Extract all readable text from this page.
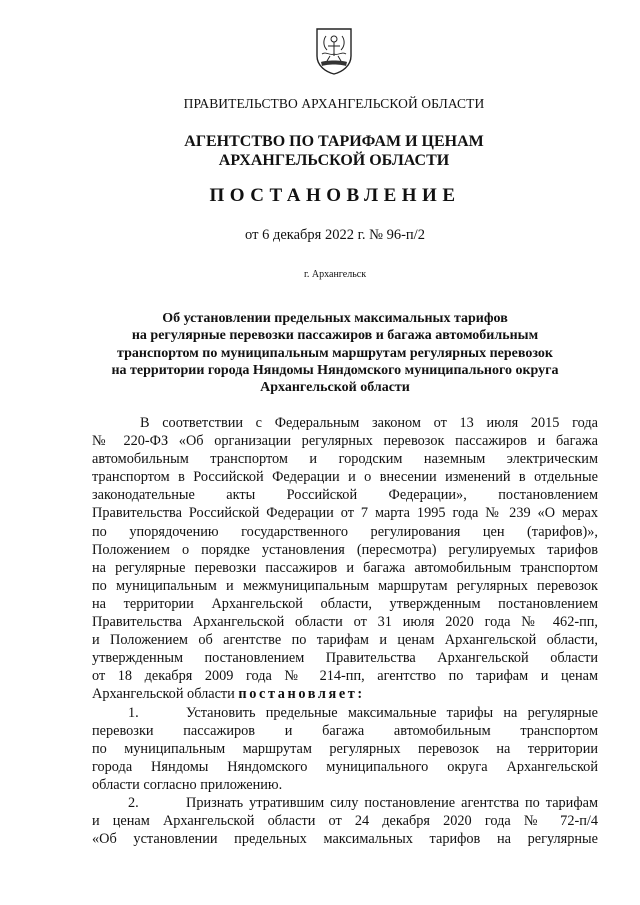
ПРАВИТЕЛЬСТВО АРХАНГЕЛЬСКОЙ ОБЛАСТИ
АГЕНТСТВО ПО ТАРИФАМ И ЦЕНАМ
АРХАНГЕЛЬСКОЙ ОБЛАСТИ
ПОСТАНОВЛЕНИЕ
от 6 декабря 2022 г. № 96-п/2
г. Архангельск
Об установлении предельных максимальных тарифов
на регулярные перевозки пассажиров и багажа автомобильным
транспортом по муниципальным маршрутам регулярных перевозок
на территории города Няндомы Няндомского муниципального округа
Архангельской области
В соответствии с Федеральным законом от 13 июля 2015 года
№ 220-ФЗ «Об организации регулярных перевозок пассажиров и багажа
автомобильным транспортом и городским наземным электрическим
транспортом в Российской Федерации и о внесении изменений в отдельные
законодательные акты Российской Федерации», постановлением
Правительства Российской Федерации от 7 марта 1995 года № 239 «О мерах
по упорядочению государственного регулирования цен (тарифов)»,
Положением о порядке установления (пересмотра) регулируемых тарифов
на регулярные перевозки пассажиров и багажа автомобильным транспортом
по муниципальным и межмуниципальным маршрутам регулярных перевозок
на территории Архангельской области, утвержденным постановлением
Правительства Архангельской области от 31 июля 2020 года № 462-пп,
и Положением об агентстве по тарифам и ценам Архангельской области,
утвержденным постановлением Правительства Архангельской области
от 18 декабря 2009 года № 214-пп, агентство по тарифам и ценам
Архангельской области постановляет:
1.	Установить предельные максимальные тарифы на регулярные
перевозки пассажиров и багажа автомобильным транспортом
по муниципальным маршрутам регулярных перевозок на территории
города Няндомы Няндомского муниципального округа Архангельской
области согласно приложению.
2.	Признать утратившим силу постановление агентства по тарифам
и ценам Архангельской области от 24 декабря 2020 года № 72-п/4
«Об установлении предельных максимальных тарифов на регулярные
